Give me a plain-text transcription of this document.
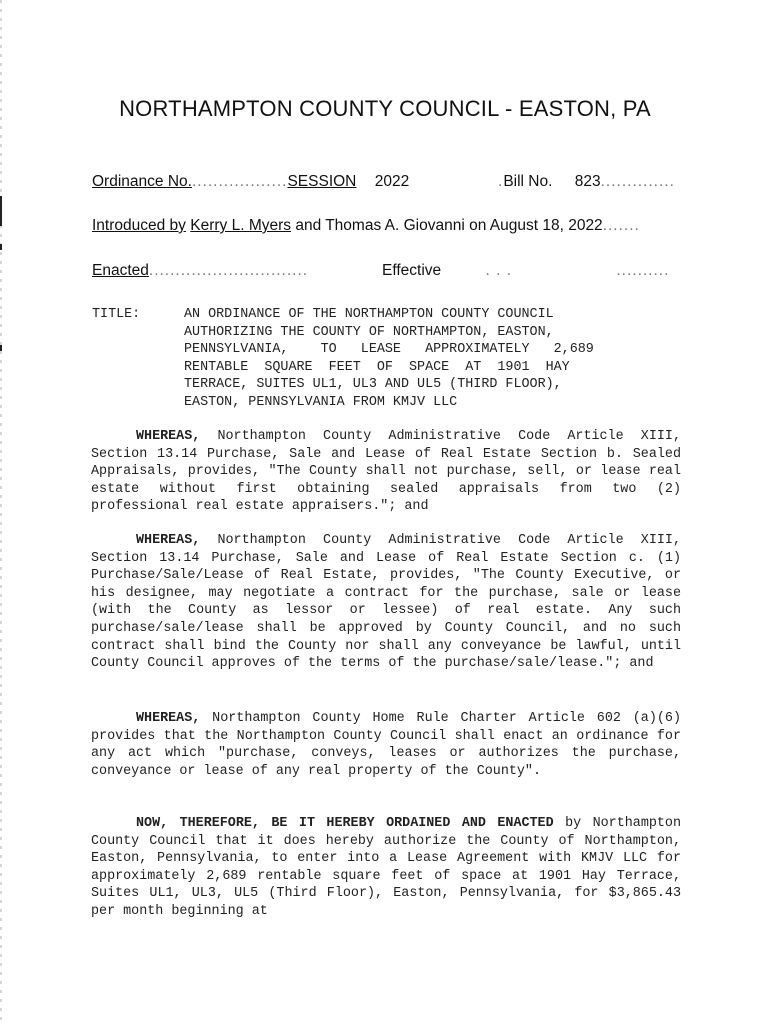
NORTHAMPTON COUNTY COUNCIL - EASTON, PA
Ordinance No...................SESSION 2022	.Bill No. 823..............
Introduced by Kerry L. Myers and Thomas A. Giovanni on August 18, 2022.......
Enacted..............................	Effective	. . .	..........
TITLE:	AN ORDINANCE OF THE NORTHAMPTON COUNTY COUNCIL
AUTHORIZING THE COUNTY OF NORTHAMPTON, EASTON,
PENNSYLVANIA,    TO   LEASE   APPROXIMATELY   2,689
RENTABLE  SQUARE  FEET  OF  SPACE  AT  1901  HAY
TERRACE, SUITES UL1, UL3 AND UL5 (THIRD FLOOR),
EASTON, PENNSYLVANIA FROM KMJV LLC
WHEREAS, Northampton County Administrative Code Article XIII, Section 13.14 Purchase, Sale and Lease of Real Estate Section b. Sealed Appraisals, provides, "The County shall not purchase, sell, or lease real estate without first obtaining sealed appraisals from two (2) professional real estate appraisers."; and
WHEREAS, Northampton County Administrative Code Article XIII, Section 13.14 Purchase, Sale and Lease of Real Estate Section c. (1) Purchase/Sale/Lease of Real Estate, provides, "The County Executive, or his designee, may negotiate a contract for the purchase, sale or lease (with the County as lessor or lessee) of real estate. Any such purchase/sale/lease shall be approved by County Council, and no such contract shall bind the County nor shall any conveyance be lawful, until County Council approves of the terms of the purchase/sale/lease."; and
WHEREAS, Northampton County Home Rule Charter Article 602 (a)(6) provides that the Northampton County Council shall enact an ordinance for any act which "purchase, conveys, leases or authorizes the purchase, conveyance or lease of any real property of the County".
NOW, THEREFORE, BE IT HEREBY ORDAINED AND ENACTED by Northampton County Council that it does hereby authorize the County of Northampton, Easton, Pennsylvania, to enter into a Lease Agreement with KMJV LLC for approximately 2,689 rentable square feet of space at 1901 Hay Terrace, Suites UL1, UL3, UL5 (Third Floor), Easton, Pennsylvania, for $3,865.43 per month beginning at
